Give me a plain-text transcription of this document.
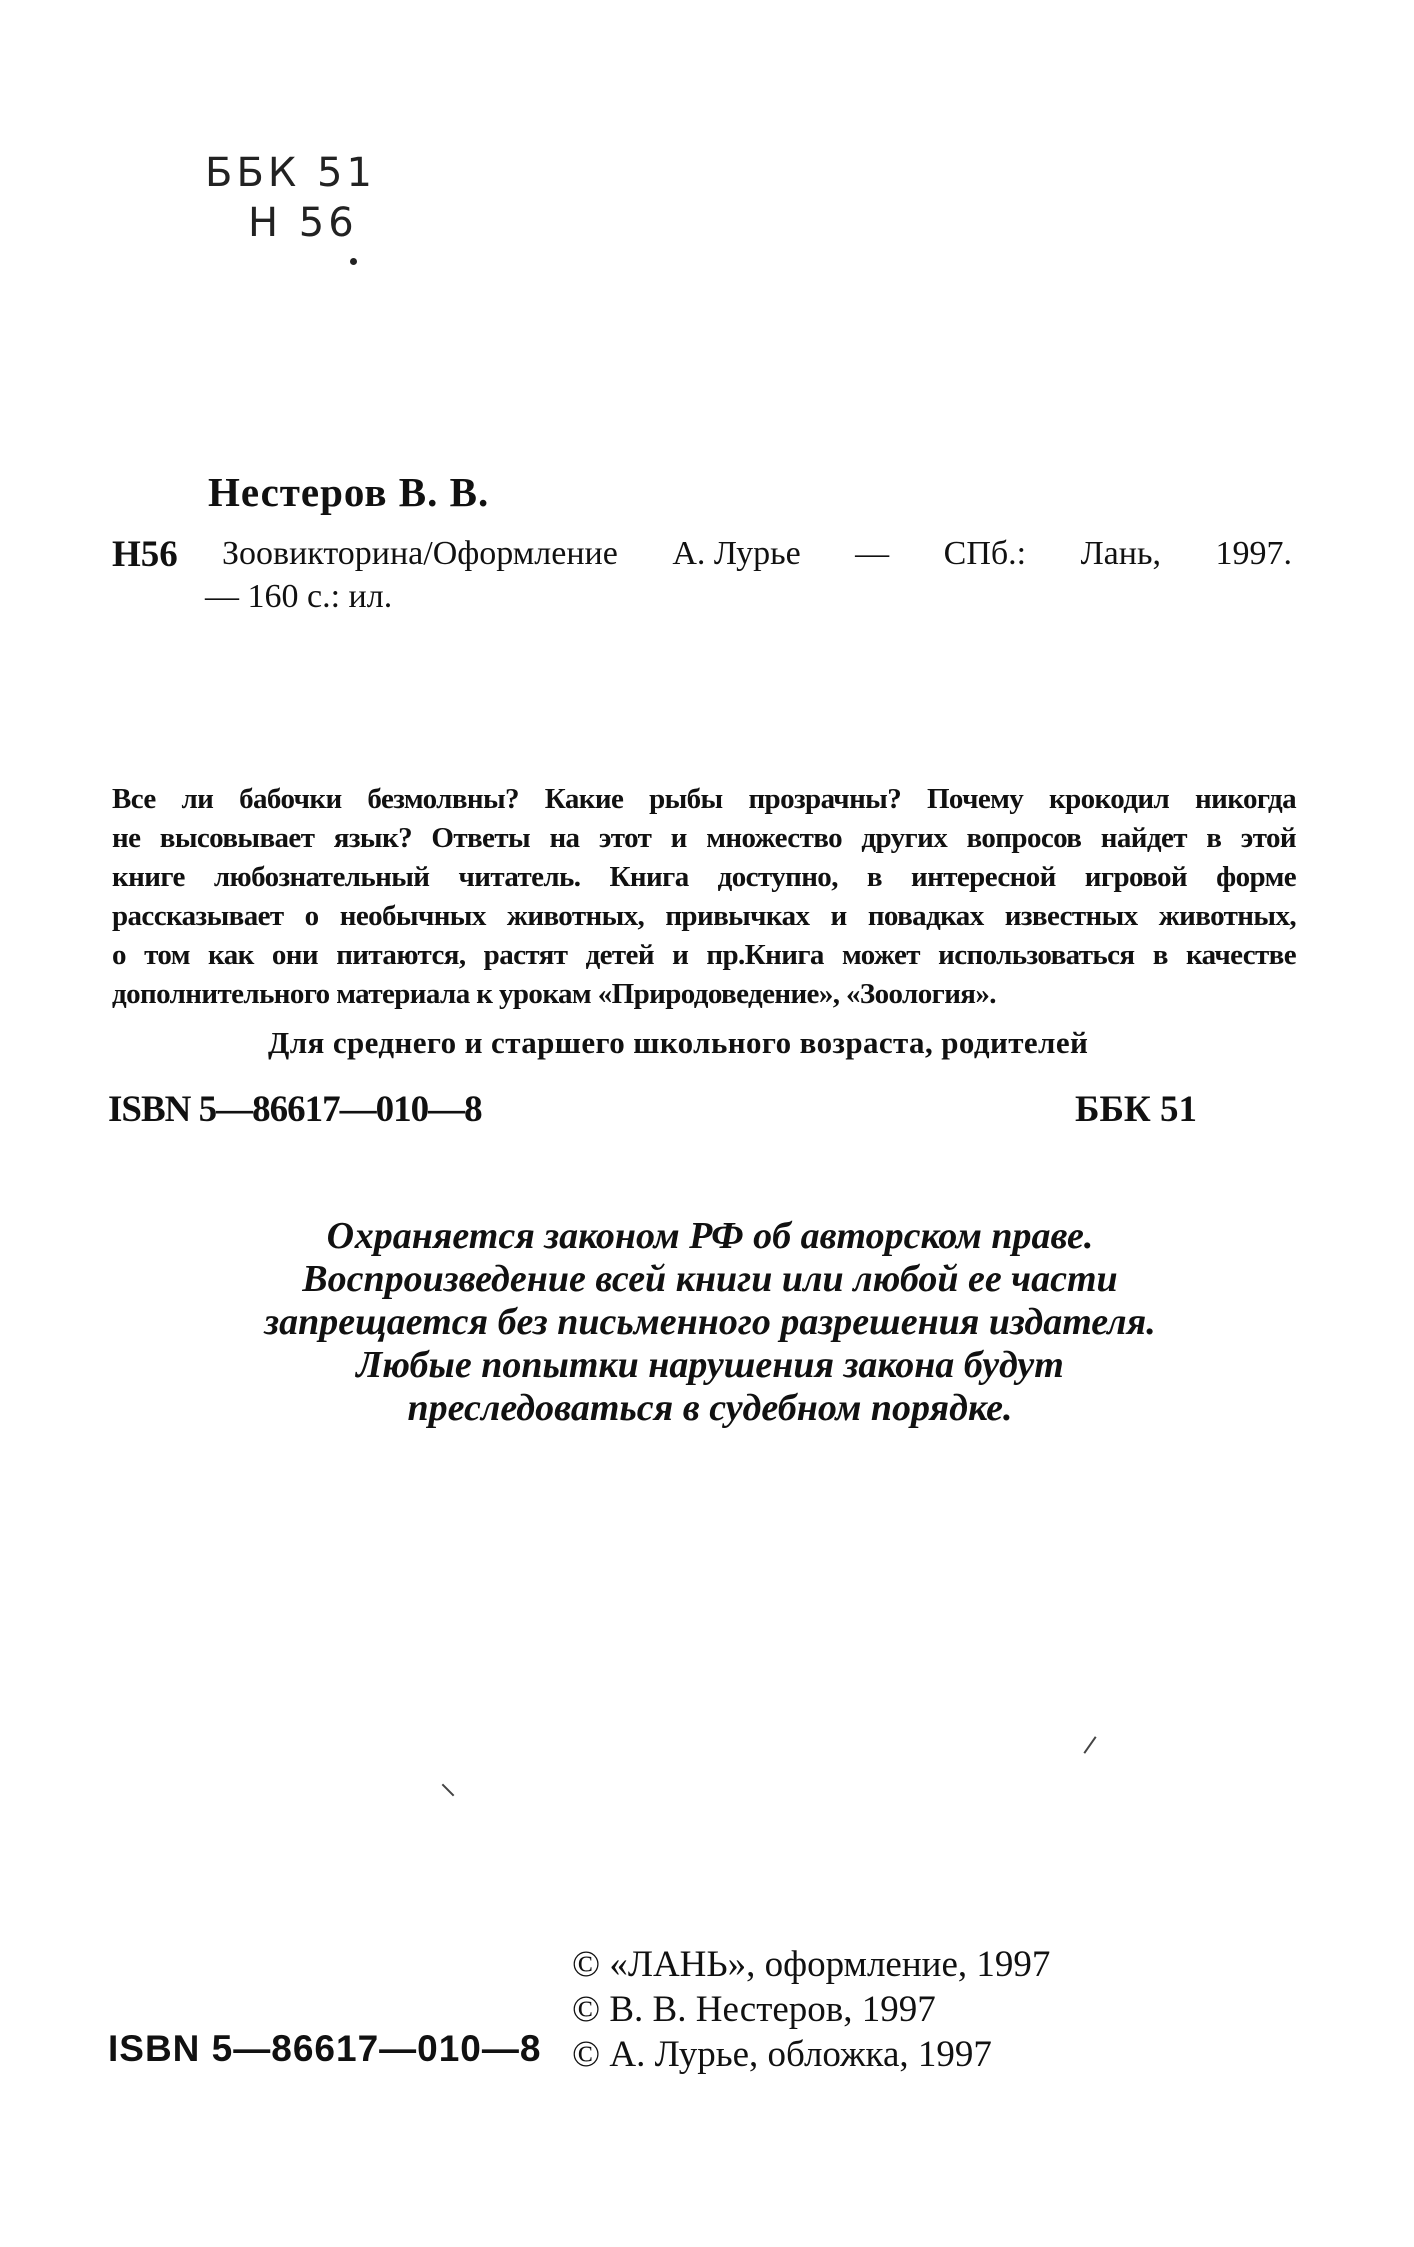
ББК 51
Н 56
Нестеров В. В.
Н56 Зоовикторина/Оформление А. Лурье — СПб.: Лань, 1997.
— 160 с.: ил.
Все ли бабочки безмолвны? Какие рыбы прозрачны? Почему крокодил никогда
не высовывает язык? Ответы на этот и множество других вопросов найдет в этой
книге любознательный читатель. Книга доступно, в интересной игровой форме
рассказывает о необычных животных, привычках и повадках известных животных,
о том как они питаются, растят детей и пр.Книга может использоваться в качестве
дополнительного материала к урокам «Природоведение», «Зоология».
Для среднего и старшего школьного возраста, родителей
ISBN 5—86617—010—8	ББК 51
Охраняется законом РФ об авторском праве.
Воспроизведение всей книги или любой ее части
запрещается без письменного разрешения издателя.
Любые попытки нарушения закона будут
преследоваться в судебном порядке.
© «ЛАНЬ», оформление, 1997
© В. В. Нестеров, 1997
© А. Лурье, обложка, 1997
ISBN 5—86617—010—8
